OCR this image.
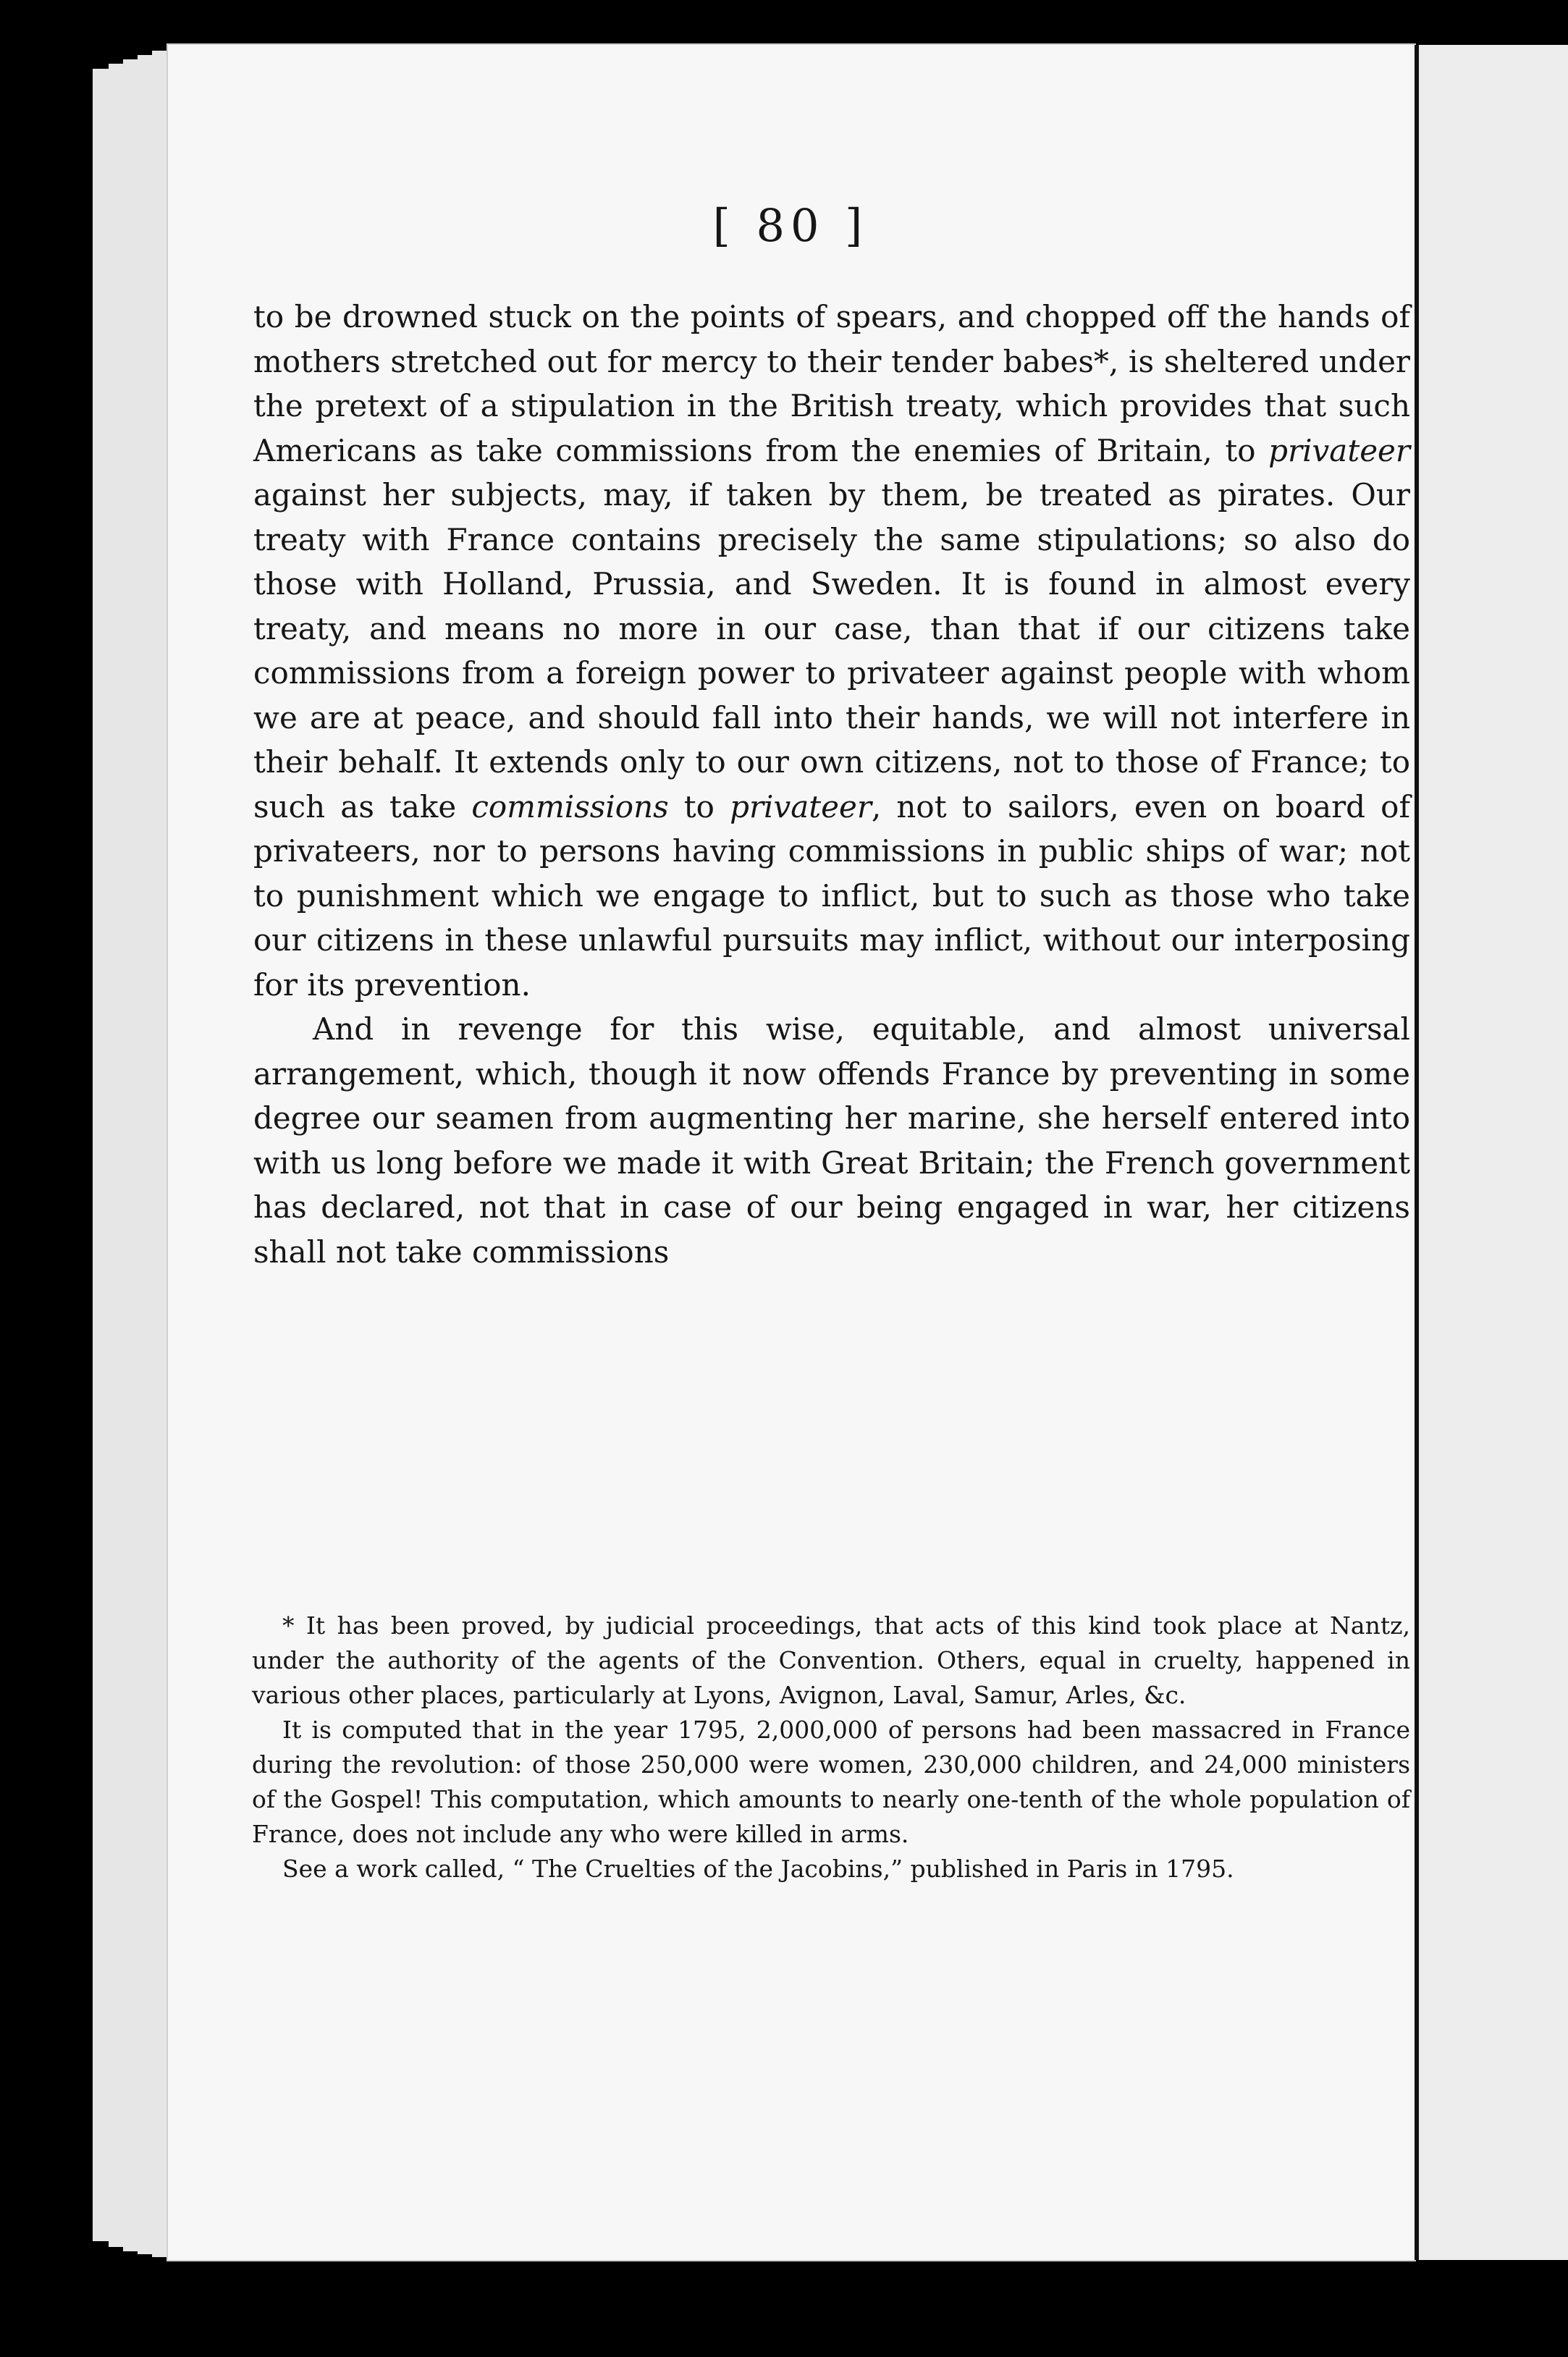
[ 80 ]

to be drowned stuck on the points of spears, and chopped off the hands of mothers stretched out for mercy to their tender babes*, is sheltered under the pretext of a stipulation in the British treaty, which provides that such Americans as take commissions from the enemies of Britain, to privateer against her subjects, may, if taken by them, be treated as pirates. Our treaty with France contains precisely the same stipulations; so also do those with Holland, Prussia, and Sweden. It is found in almost every treaty, and means no more in our case, than that if our citizens take commissions from a foreign power to privateer against people with whom we are at peace, and should fall into their hands, we will not interfere in their behalf. It extends only to our own citizens, not to those of France; to such as take commissions to privateer, not to sailors, even on board of privateers, nor to persons having commissions in public ships of war; not to punishment which we engage to inflict, but to such as those who take our citizens in these unlawful pursuits may inflict, without our interposing for its prevention.

And in revenge for this wise, equitable, and almost universal arrangement, which, though it now offends France by preventing in some degree our seamen from augmenting her marine, she herself entered into with us long before we made it with Great Britain; the French government has declared, not that in case of our being engaged in war, her citizens shall not take commissions

* It has been proved, by judicial proceedings, that acts of this kind took place at Nantz, under the authority of the agents of the Convention. Others, equal in cruelty, happened in various other places, particularly at Lyons, Avignon, Laval, Samur, Arles, &c.

It is computed that in the year 1795, 2,000,000 of persons had been massacred in France during the revolution: of those 250,000 were women, 230,000 children, and 24,000 ministers of the Gospel! This computation, which amounts to nearly one-tenth of the whole population of France, does not include any who were killed in arms.

See a work called, “ The Cruelties of the Jacobins,” published in Paris in 1795.
